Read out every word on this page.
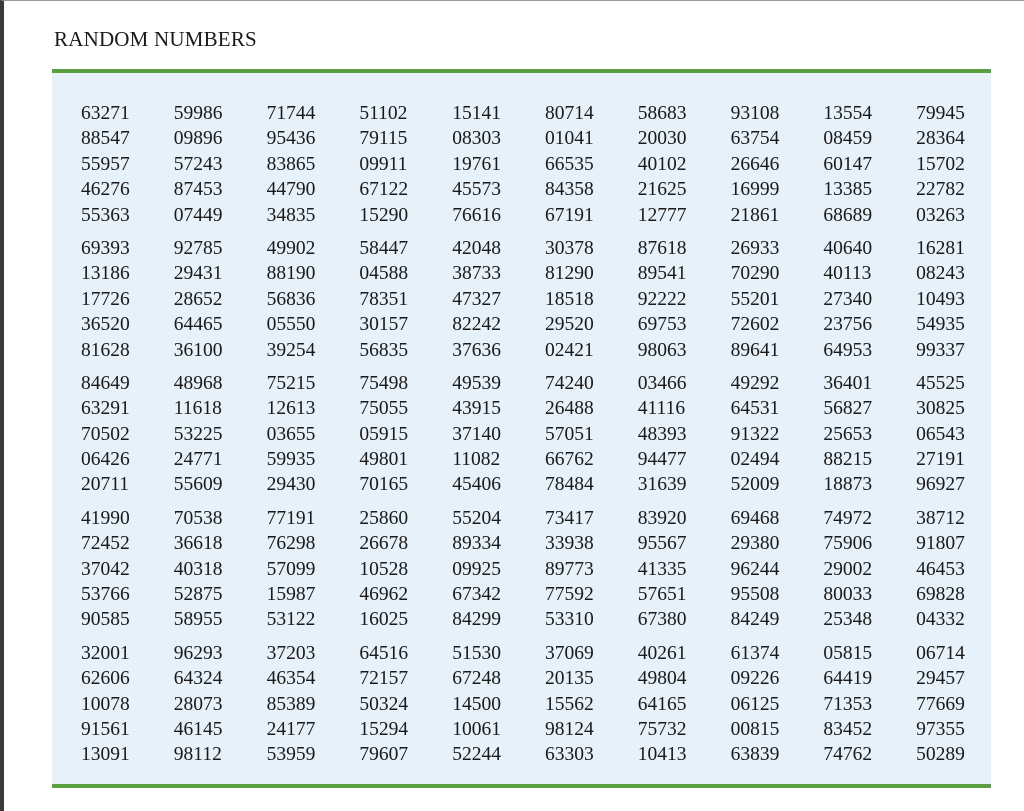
RANDOM NUMBERS
63271	59986	71744	51102	15141	80714	58683	93108	13554	79945
88547	09896	95436	79115	08303	01041	20030	63754	08459	28364
55957	57243	83865	09911	19761	66535	40102	26646	60147	15702
46276	87453	44790	67122	45573	84358	21625	16999	13385	22782
55363	07449	34835	15290	76616	67191	12777	21861	68689	03263
69393	92785	49902	58447	42048	30378	87618	26933	40640	16281
13186	29431	88190	04588	38733	81290	89541	70290	40113	08243
17726	28652	56836	78351	47327	18518	92222	55201	27340	10493
36520	64465	05550	30157	82242	29520	69753	72602	23756	54935
81628	36100	39254	56835	37636	02421	98063	89641	64953	99337
84649	48968	75215	75498	49539	74240	03466	49292	36401	45525
63291	11618	12613	75055	43915	26488	41116	64531	56827	30825
70502	53225	03655	05915	37140	57051	48393	91322	25653	06543
06426	24771	59935	49801	11082	66762	94477	02494	88215	27191
20711	55609	29430	70165	45406	78484	31639	52009	18873	96927
41990	70538	77191	25860	55204	73417	83920	69468	74972	38712
72452	36618	76298	26678	89334	33938	95567	29380	75906	91807
37042	40318	57099	10528	09925	89773	41335	96244	29002	46453
53766	52875	15987	46962	67342	77592	57651	95508	80033	69828
90585	58955	53122	16025	84299	53310	67380	84249	25348	04332
32001	96293	37203	64516	51530	37069	40261	61374	05815	06714
62606	64324	46354	72157	67248	20135	49804	09226	64419	29457
10078	28073	85389	50324	14500	15562	64165	06125	71353	77669
91561	46145	24177	15294	10061	98124	75732	00815	83452	97355
13091	98112	53959	79607	52244	63303	10413	63839	74762	50289
